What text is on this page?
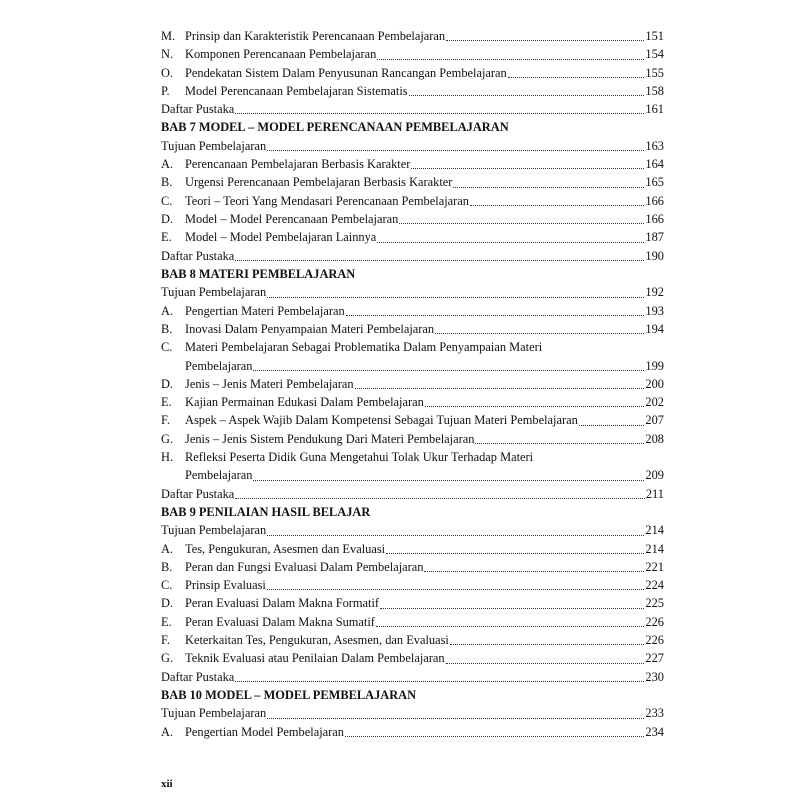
M. Prinsip dan Karakteristik Perencanaan Pembelajaran	151
N. Komponen Perencanaan Pembelajaran	154
O. Pendekatan Sistem Dalam Penyusunan Rancangan Pembelajaran	155
P.	Model Perencanaan Pembelajaran Sistematis	158
Daftar Pustaka	161
BAB 7 MODEL – MODEL PERENCANAAN PEMBELAJARAN
Tujuan Pembelajaran	163
A. Perencanaan Pembelajaran Berbasis Karakter	164
B.	Urgensi Perencanaan Pembelajaran Berbasis Karakter	165
C.	Teori – Teori Yang Mendasari Perencanaan Pembelajaran	166
D. Model – Model Perencanaan Pembelajaran	166
E.	Model – Model Pembelajaran Lainnya	187
Daftar Pustaka	190
BAB 8 MATERI PEMBELAJARAN
Tujuan Pembelajaran	192
A. Pengertian Materi Pembelajaran	193
B.	Inovasi Dalam Penyampaian Materi Pembelajaran	194
C.	Materi Pembelajaran Sebagai Problematika Dalam Penyampaian Materi
Pembelajaran	199
D. Jenis – Jenis Materi Pembelajaran	200
E.	Kajian Permainan Edukasi Dalam Pembelajaran	202
F.	Aspek – Aspek Wajib Dalam Kompetensi Sebagai Tujuan Materi Pembelajaran	207
G. Jenis – Jenis Sistem Pendukung Dari Materi Pembelajaran	208
H. Refleksi Peserta Didik Guna Mengetahui Tolak Ukur Terhadap Materi
Pembelajaran	209
Daftar Pustaka	211
BAB 9 PENILAIAN HASIL BELAJAR
Tujuan Pembelajaran	214
A. Tes, Pengukuran, Asesmen dan Evaluasi	214
B.	Peran dan Fungsi Evaluasi Dalam Pembelajaran	221
C.	Prinsip Evaluasi	224
D. Peran Evaluasi Dalam Makna Formatif	225
E.	Peran Evaluasi Dalam Makna Sumatif	226
F.	Keterkaitan Tes, Pengukuran, Asesmen, dan Evaluasi	226
G. Teknik Evaluasi atau Penilaian Dalam Pembelajaran	227
Daftar Pustaka	230
BAB 10 MODEL – MODEL PEMBELAJARAN
Tujuan Pembelajaran	233
A. Pengertian Model Pembelajaran	234
xii
